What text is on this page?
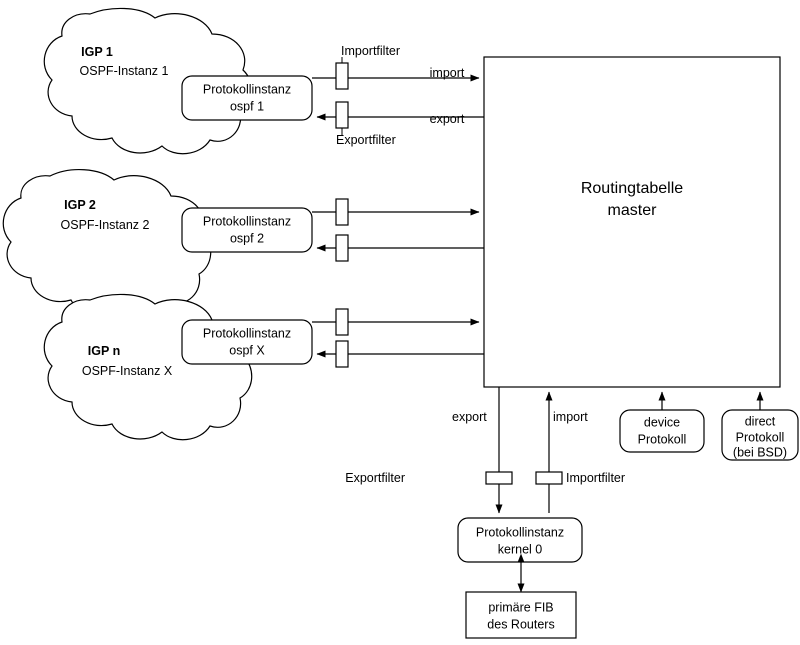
IGP 1
OSPF-Instanz 1
IGP 2
OSPF-Instanz 2
IGP n
OSPF-Instanz X
Protokollinstanz
ospf 1
Protokollinstanz
ospf 2
Protokollinstanz
ospf X
Protokollinstanz
kernel 0
Routingtabelle
master
Importfilter
Exportfilter
import
export
export	import
Exportfilter	Importfilter
device
Protokoll
direct
Protokoll
(bei BSD)
primäre FIB
des Routers
